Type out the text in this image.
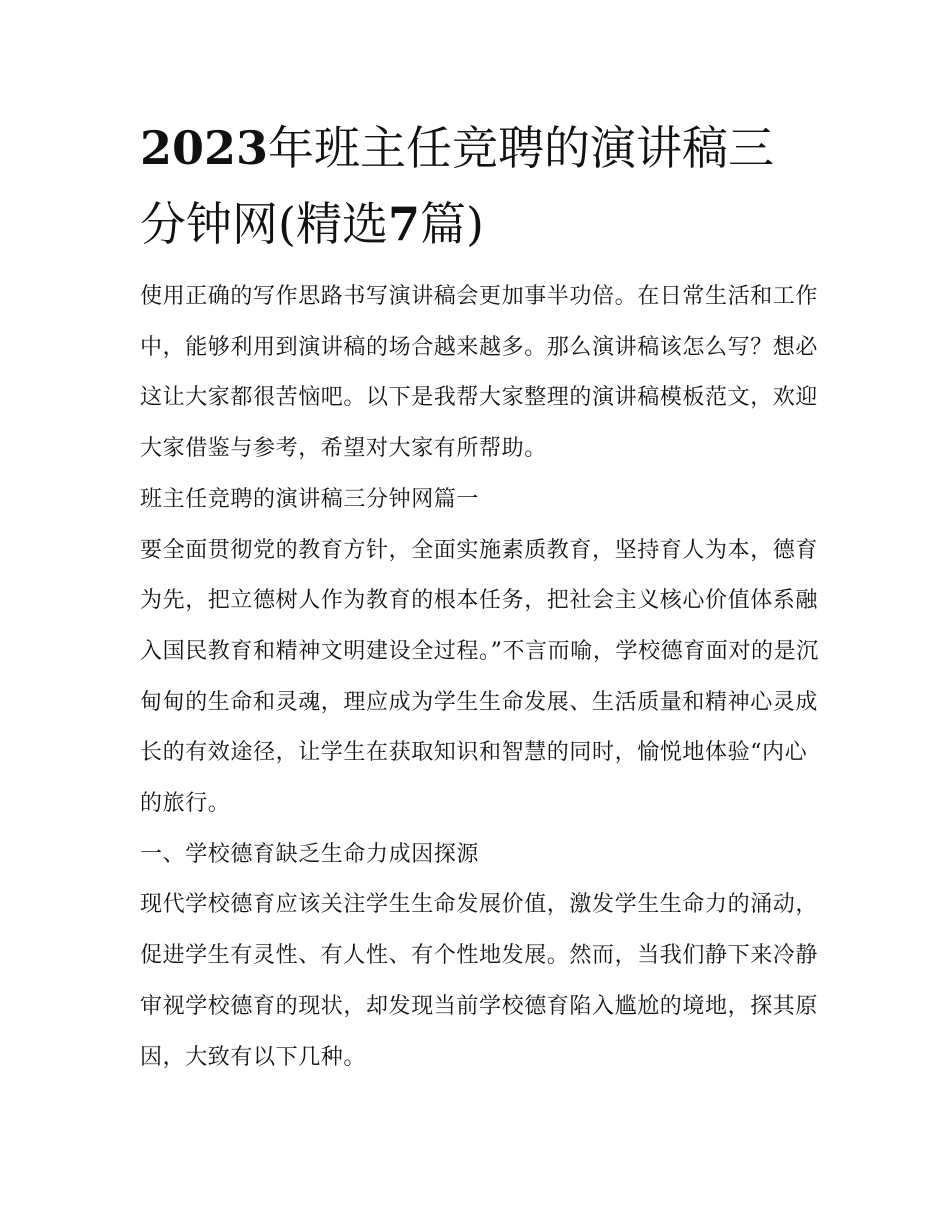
2023年班主任竞聘的演讲稿三分钟网(精选7篇)

使用正确的写作思路书写演讲稿会更加事半功倍。在日常生活和工作中，能够利用到演讲稿的场合越来越多。那么演讲稿该怎么写？想必这让大家都很苦恼吧。以下是我帮大家整理的演讲稿模板范文，欢迎大家借鉴与参考，希望对大家有所帮助。

班主任竞聘的演讲稿三分钟网篇一

要全面贯彻党的教育方针，全面实施素质教育，坚持育人为本，德育为先，把立德树人作为教育的根本任务，把社会主义核心价值体系融入国民教育和精神文明建设全过程。”不言而喻，学校德育面对的是沉甸甸的生命和灵魂，理应成为学生生命发展、生活质量和精神心灵成长的有效途径，让学生在获取知识和智慧的同时，愉悦地体验“内心的旅行。

一、学校德育缺乏生命力成因探源

现代学校德育应该关注学生生命发展价值，激发学生生命力的涌动，促进学生有灵性、有人性、有个性地发展。然而，当我们静下来冷静审视学校德育的现状，却发现当前学校德育陷入尴尬的境地，探其原因，大致有以下几种。
